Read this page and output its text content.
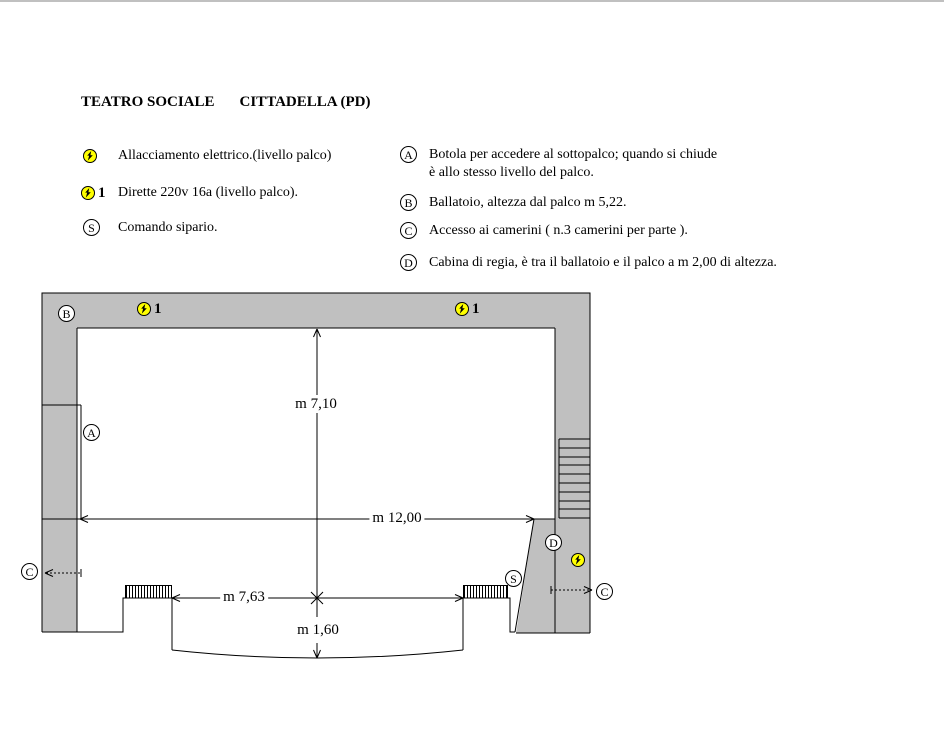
TEATRO SOCIALE CITTADELLA (PD)
Allacciamento elettrico.(livello palco)
1 Dirette 220v 16a (livello palco).
S	Comando sipario.
A Botola per accedere al sottopalco; quando si chiude
è allo stesso livello del palco.
B	Ballatoio, altezza dal palco m 5,22.
C	Accesso ai camerini ( n.3 camerini per parte ).
D Cabina di regia, è tra il ballatoio e il palco a m 2,00 di altezza.
B
A
D
S
C
C
1	1
m 7,10
m 12,00
m 7,63
m 1,60
